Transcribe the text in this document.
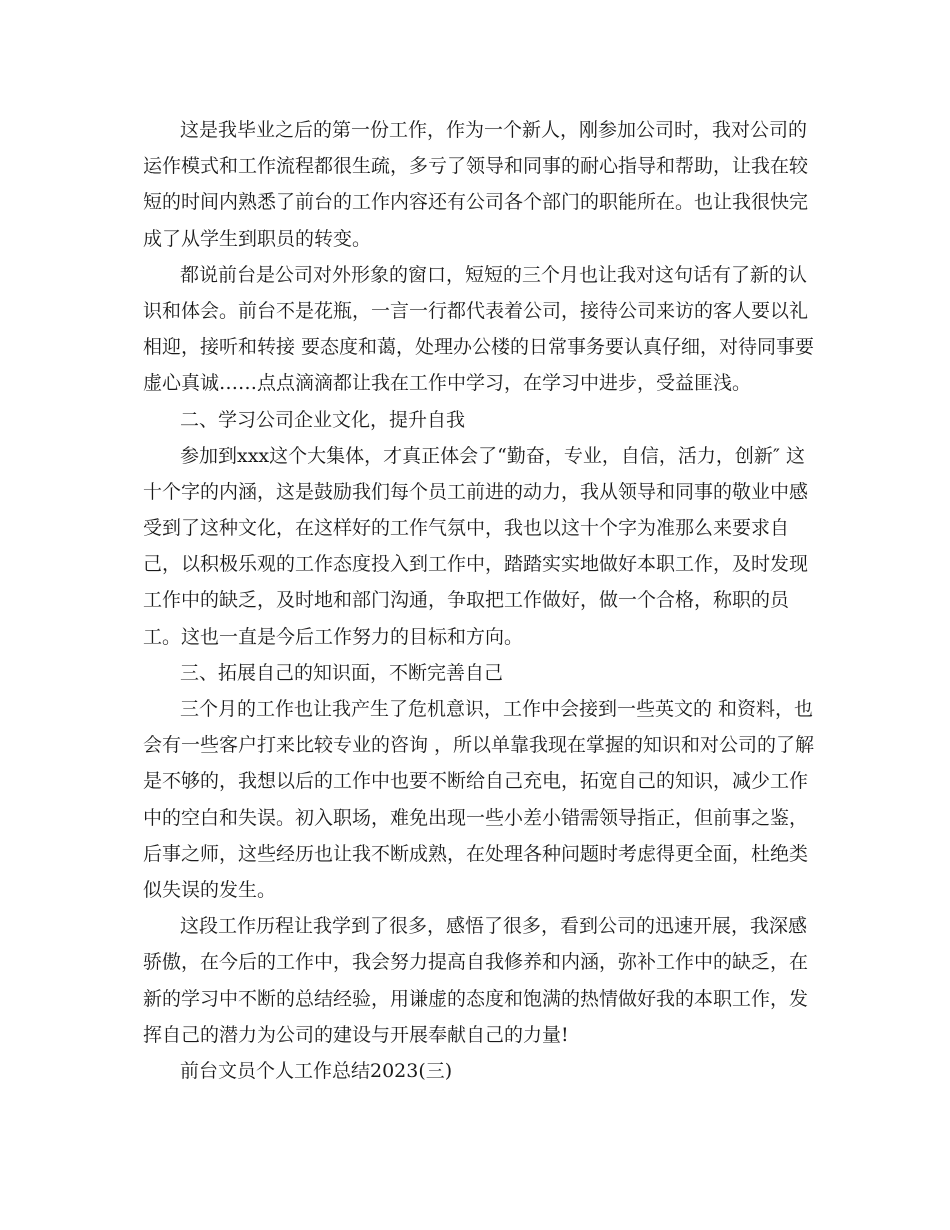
这是我毕业之后的第一份工作，作为一个新人，刚参加公司时，我对公司的
运作模式和工作流程都很生疏，多亏了领导和同事的耐心指导和帮助，让我在较
短的时间内熟悉了前台的工作内容还有公司各个部门的职能所在。也让我很快完
成了从学生到职员的转变。
都说前台是公司对外形象的窗口，短短的三个月也让我对这句话有了新的认
识和体会。前台不是花瓶，一言一行都代表着公司，接待公司来访的客人要以礼
相迎，接听和转接 要态度和蔼，处理办公楼的日常事务要认真仔细，对待同事要
虚心真诚……点点滴滴都让我在工作中学习，在学习中进步，受益匪浅。
二、学习公司企业文化，提升自我
参加到xxx这个大集体，才真正体会了“勤奋，专业，自信，活力，创新″ 这
十个字的内涵，这是鼓励我们每个员工前进的动力，我从领导和同事的敬业中感
受到了这种文化，在这样好的工作气氛中，我也以这十个字为准那么来要求自
己，以积极乐观的工作态度投入到工作中，踏踏实实地做好本职工作，及时发现
工作中的缺乏，及时地和部门沟通，争取把工作做好，做一个合格，称职的员
工。这也一直是今后工作努力的目标和方向。
三、拓展自己的知识面，不断完善自己
三个月的工作也让我产生了危机意识，工作中会接到一些英文的 和资料，也
会有一些客户打来比较专业的咨询 ，所以单靠我现在掌握的知识和对公司的了解
是不够的，我想以后的工作中也要不断给自己充电，拓宽自己的知识，减少工作
中的空白和失误。初入职场，难免出现一些小差小错需领导指正，但前事之鉴，
后事之师，这些经历也让我不断成熟，在处理各种问题时考虑得更全面，杜绝类
似失误的发生。
这段工作历程让我学到了很多，感悟了很多，看到公司的迅速开展，我深感
骄傲，在今后的工作中，我会努力提高自我修养和内涵，弥补工作中的缺乏，在
新的学习中不断的总结经验，用谦虚的态度和饱满的热情做好我的本职工作，发
挥自己的潜力为公司的建设与开展奉献自己的力量!
前台文员个人工作总结2023(三)
